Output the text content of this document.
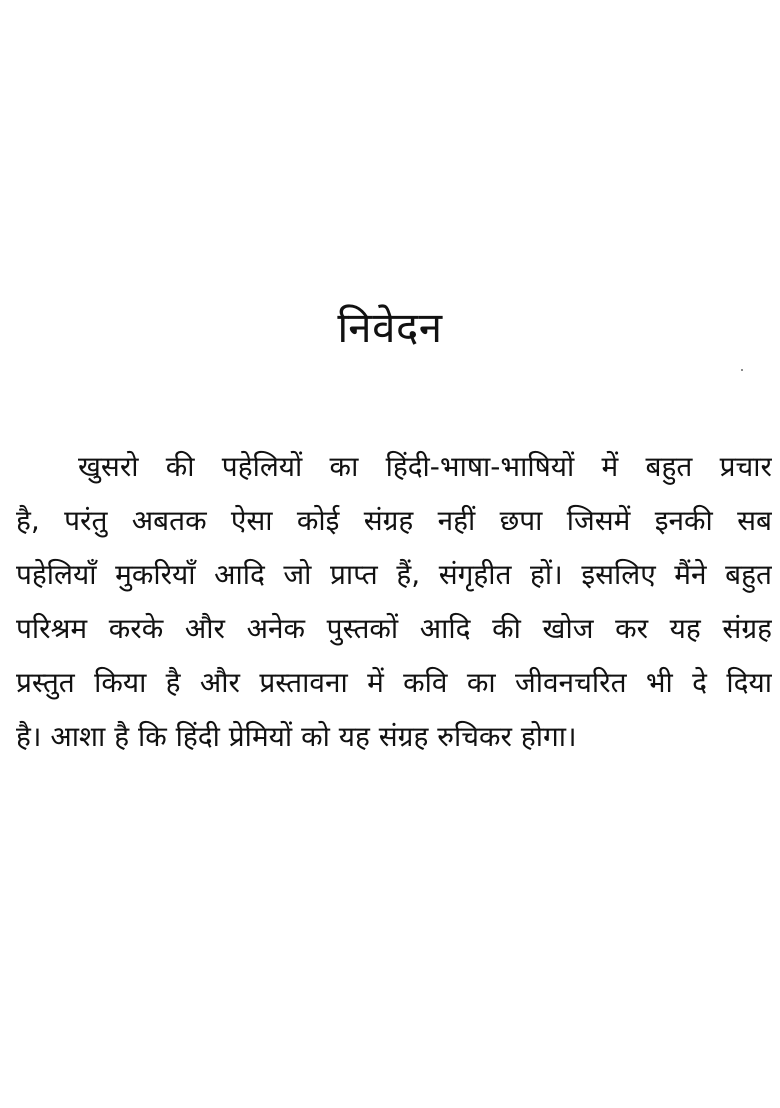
निवेदन
खुसरो की पहेलियों का हिंदी-भाषा-भाषियों में बहुत प्रचार
है, परंतु अबतक ऐसा कोई संग्रह नहीं छपा जिसमें इनकी सब
पहेलियाँ मुकरियाँ आदि जो प्राप्त हैं, संगृहीत हों। इसलिए मैंने बहुत
परिश्रम करके और अनेक पुस्तकों आदि की खोज कर यह संग्रह
प्रस्तुत किया है और प्रस्तावना में कवि का जीवनचरित भी दे दिया
है। आशा है कि हिंदी प्रेमियों को यह संग्रह रुचिकर होगा।
